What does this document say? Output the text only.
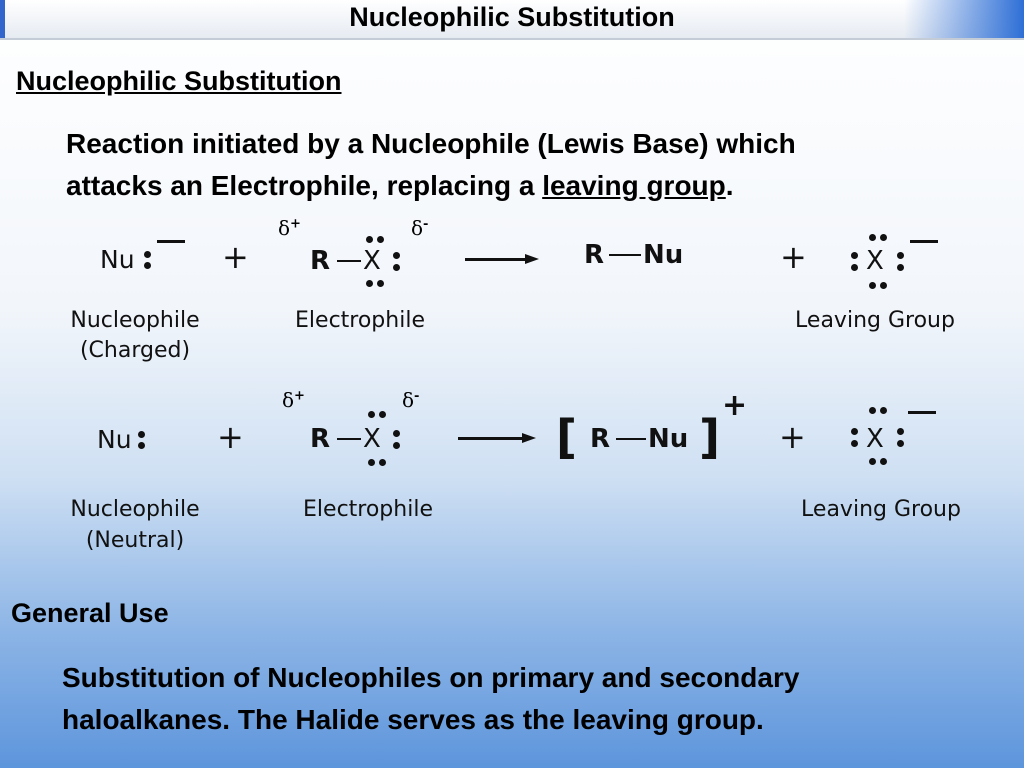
Nucleophilic Substitution
Nucleophilic Substitution
Reaction initiated by a Nucleophile (Lewis Base) which
attacks an Electrophile, replacing a leaving group.
Nu	+
δ+	δ-
R X	R Nu	+ X
Nucleophile
(Charged)
Electrophile	Leaving Group
Nu	+
δ+	δ-
R X	[ R Nu ]
+
+ X
Nucleophile
(Neutral)
Electrophile	Leaving Group
General Use
Substitution of Nucleophiles on primary and secondary
haloalkanes. The Halide serves as the leaving group.
